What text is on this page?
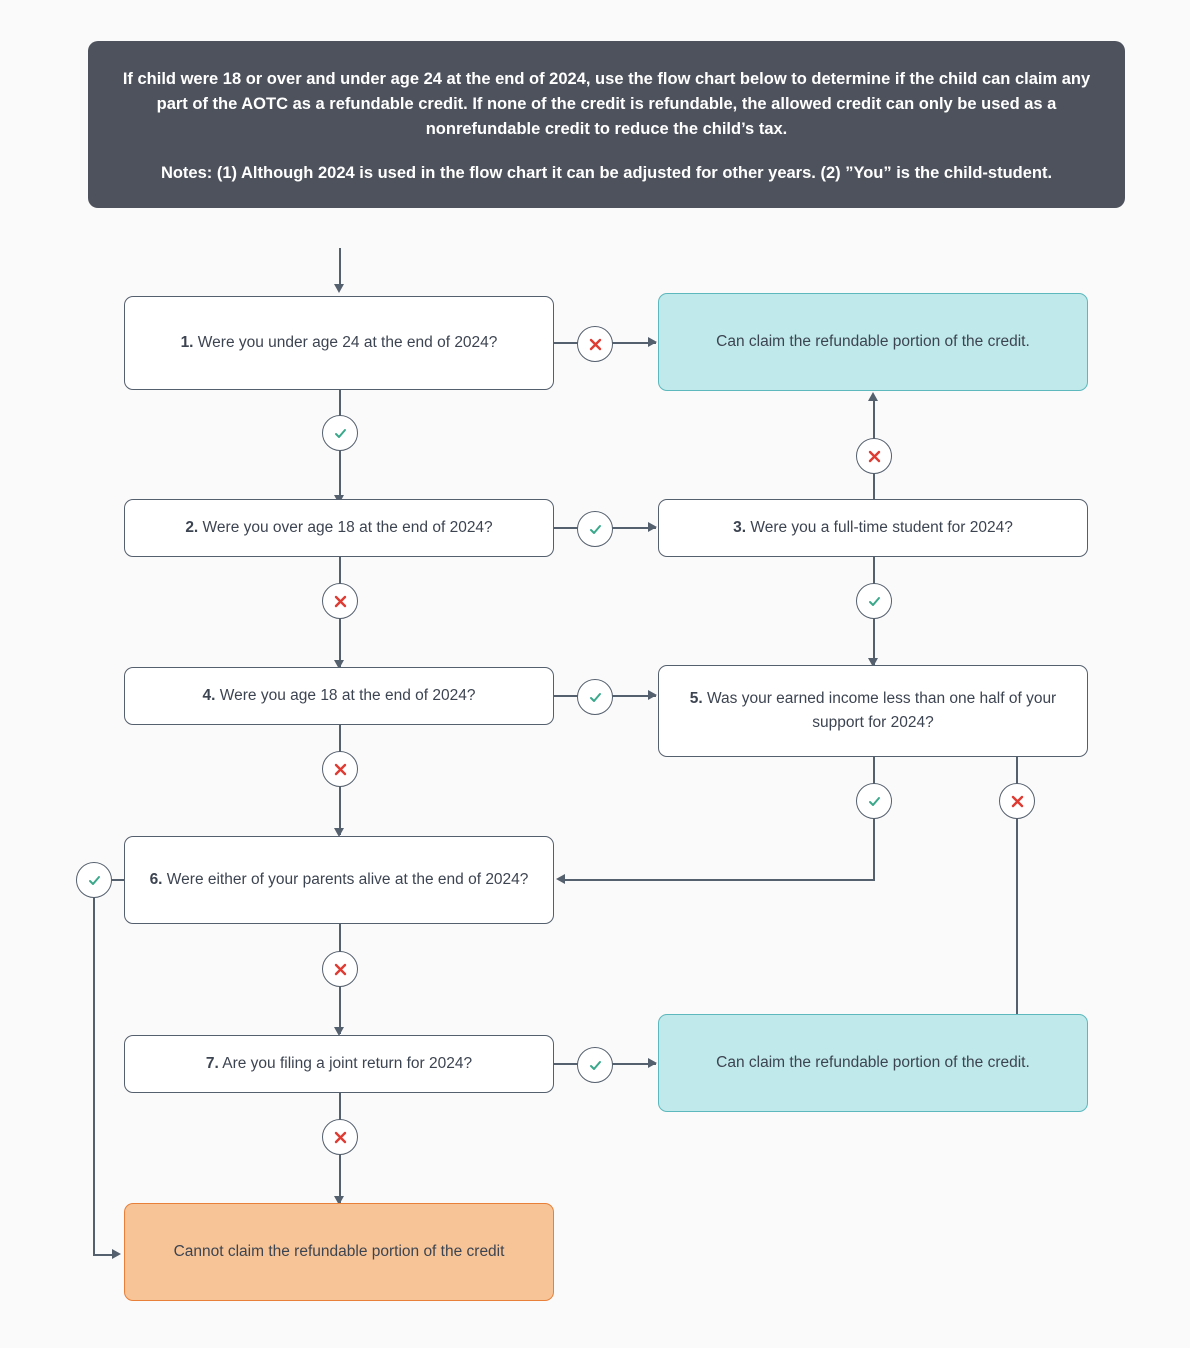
If child were 18 or over and under age 24 at the end of 2024, use the flow chart below to determine if the child can claim any part of the AOTC as a refundable credit. If none of the credit is refundable, the allowed credit can only be used as a nonrefundable credit to reduce the child’s tax.

Notes: (1) Although 2024 is used in the flow chart it can be adjusted for other years. (2) ”You” is the child-student.

1. Were you under age 24 at the end of 2024?	Can claim the refundable portion of the credit.
2. Were you over age 18 at the end of 2024?	3. Were you a full-time student for 2024?
4. Were you age 18 at the end of 2024?	5. Was your earned income less than one half of your support for 2024?
6. Were either of your parents alive at the end of 2024?
7. Are you filing a joint return for 2024?	Can claim the refundable portion of the credit.
Cannot claim the refundable portion of the credit
